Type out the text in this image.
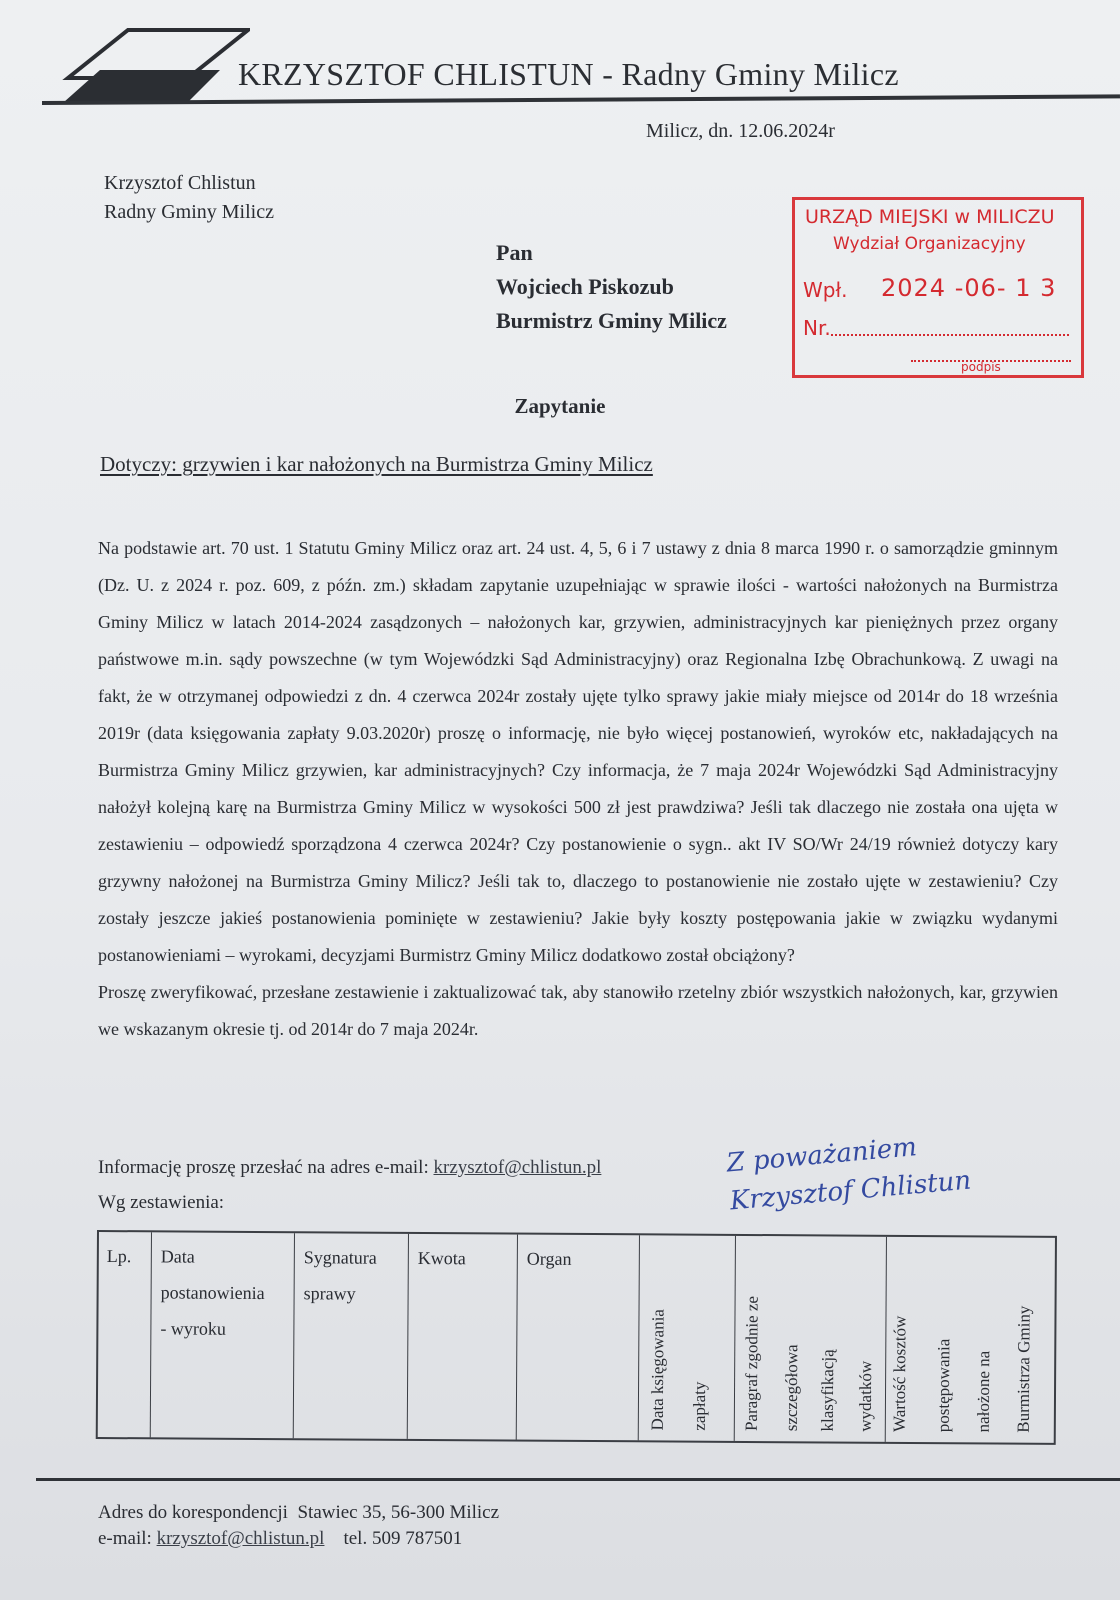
KRZYSZTOF CHLISTUN - Radny Gminy Milicz
Milicz, dn. 12.06.2024r
Krzysztof Chlistun
Radny Gminy Milicz
Pan
Wojciech Piskozub
Burmistrz Gminy Milicz
URZĄD MIEJSKI w MILICZU
Wydział Organizacyjny
Wpł. 2024 -06- 1 3
Nr.
podpis
Zapytanie
Dotyczy: grzywien i kar nałożonych na Burmistrza Gminy Milicz

Na podstawie art. 70 ust. 1 Statutu Gminy Milicz oraz art. 24 ust. 4, 5, 6 i 7 ustawy z dnia 8 marca 1990 r. o samorządzie gminnym (Dz. U. z 2024 r. poz. 609, z późn. zm.) składam zapytanie uzupełniając w sprawie ilości - wartości nałożonych na Burmistrza Gminy Milicz w latach 2014-2024 zasądzonych – nałożonych kar, grzywien, administracyjnych kar pieniężnych przez organy państwowe m.in. sądy powszechne (w tym Wojewódzki Sąd Administracyjny) oraz Regionalna Izbę Obrachunkową. Z uwagi na fakt, że w otrzymanej odpowiedzi z dn. 4 czerwca 2024r zostały ujęte tylko sprawy jakie miały miejsce od 2014r do 18 września 2019r (data księgowania zapłaty 9.03.2020r) proszę o informację, nie było więcej postanowień, wyroków etc, nakładających na Burmistrza Gminy Milicz grzywien, kar administracyjnych? Czy informacja, że 7 maja 2024r Wojewódzki Sąd Administracyjny nałożył kolejną karę na Burmistrza Gminy Milicz w wysokości 500 zł jest prawdziwa? Jeśli tak dlaczego nie została ona ujęta w zestawieniu – odpowiedź sporządzona 4 czerwca 2024r? Czy postanowienie o sygn.. akt IV SO/Wr 24/19 również dotyczy kary grzywny nałożonej na Burmistrza Gminy Milicz? Jeśli tak to, dlaczego to postanowienie nie zostało ujęte w zestawieniu? Czy zostały jeszcze jakieś postanowienia pominięte w zestawieniu? Jakie były koszty postępowania jakie w związku wydanymi postanowieniami – wyrokami, decyzjami Burmistrz Gminy Milicz dodatkowo został obciążony?

Proszę zweryfikować, przesłane zestawienie i zaktualizować tak, aby stanowiło rzetelny zbiór wszystkich nałożonych, kar, grzywien we wskazanym okresie tj. od 2014r do 7 maja 2024r.

Informację proszę przesłać na adres e-mail: krzysztof@chlistun.pl
Wg zestawienia:
Z poważaniem
Krzysztof Chlistun
Lp. Data
postanowienia
- wyroku
Sygnatura
sprawy
Kwota	Organ
Data księgowania zapłaty Paragraf zgodnie ze szczegółowa klasyfikacją wydatków Wartość kosztów postępowania nałożone na Burmistrza Gminy
Adres do korespondencji Stawiec 35, 56-300 Milicz
e-mail: krzysztof@chlistun.pl tel. 509 787501
